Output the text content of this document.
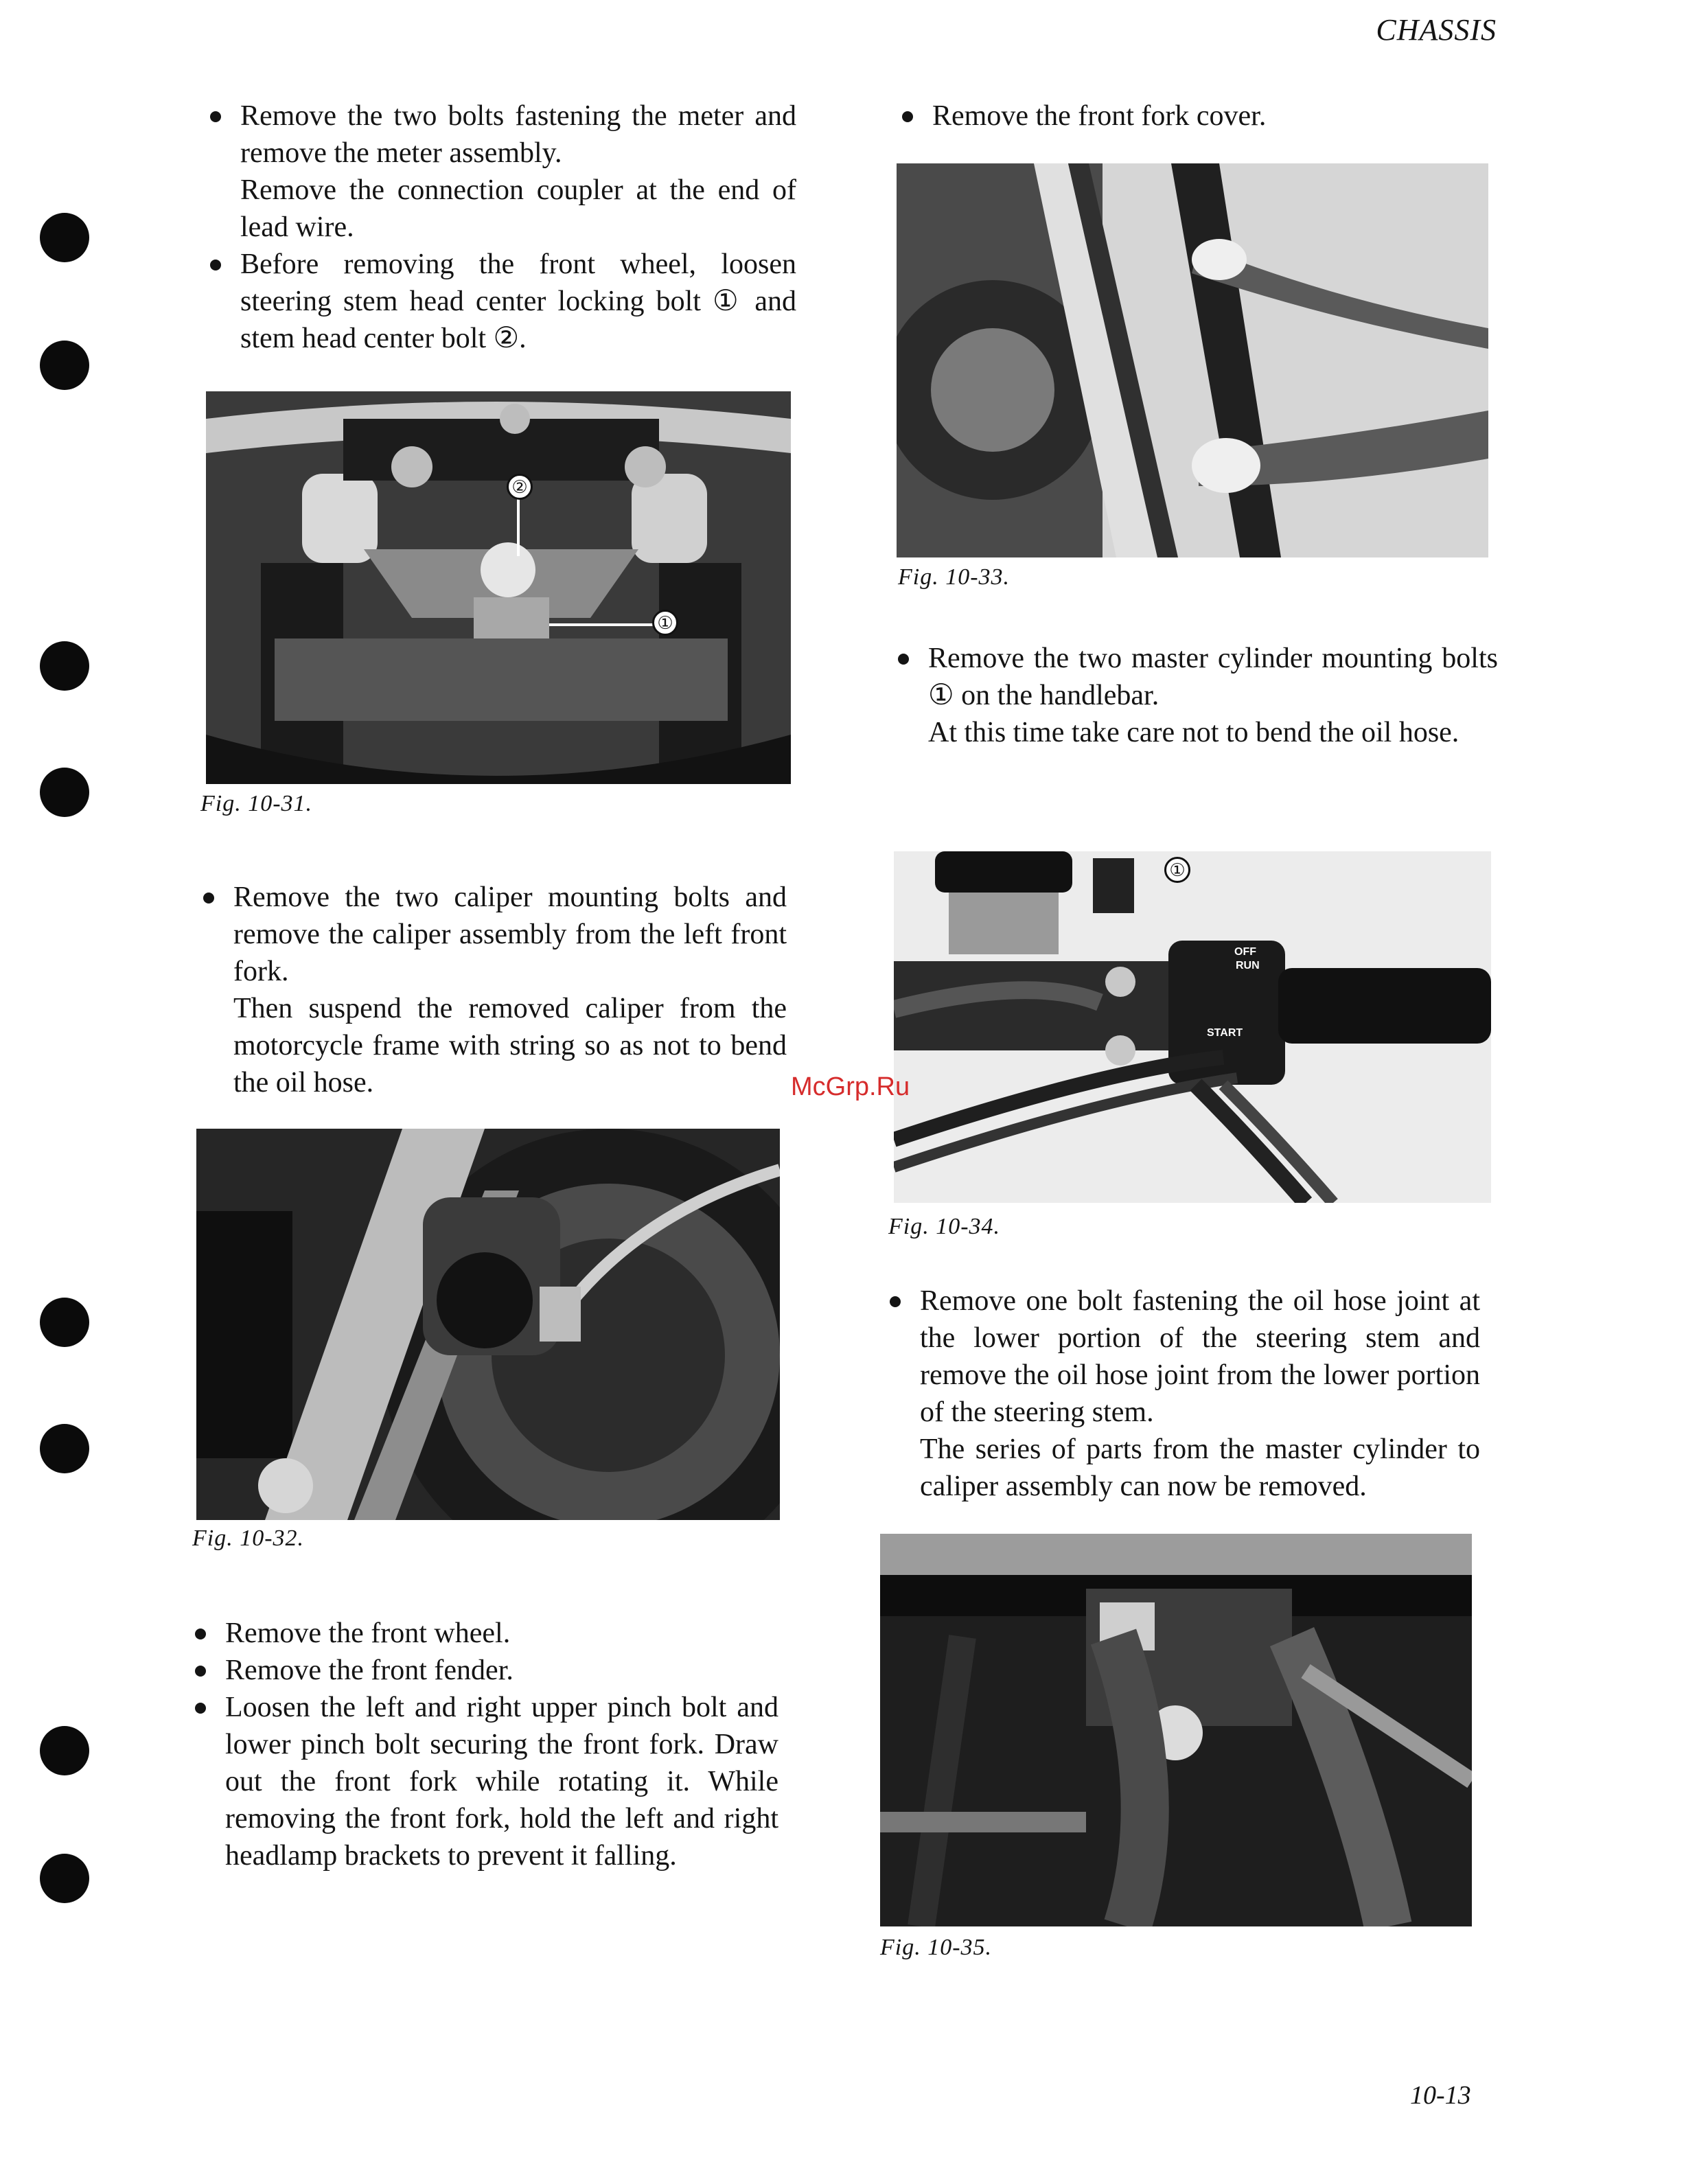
CHASSIS
Remove the two bolts fastening the meter and remove the meter assembly.
Remove the connection coupler at the end of lead wire.
Before removing the front wheel, loosen steering stem head center locking bolt ① and stem head center bolt ②.
②
①
Fig. 10-31.
Remove the two caliper mounting bolts and remove the caliper assembly from the left front fork.
Then suspend the removed caliper from the motorcycle frame with string so as not to bend the oil hose.
Fig. 10-32.
Remove the front wheel.
Remove the front fender.
Loosen the left and right upper pinch bolt and lower pinch bolt securing the front fork. Draw out the front fork while rotating it. While removing the front fork, hold the left and right headlamp brackets to prevent it falling.
Remove the front fork cover.
Fig. 10-33.
Remove the two master cylinder mounting bolts ① on the handlebar.
At this time take care not to bend the oil hose.
①
OFF
RUN
START
Fig. 10-34.
Remove one bolt fastening the oil hose joint at the lower portion of the steering stem and remove the oil hose joint from the lower portion of the steering stem.
The series of parts from the master cylinder to caliper assembly can now be removed.
Fig. 10-35.
McGrp.Ru
10-13
